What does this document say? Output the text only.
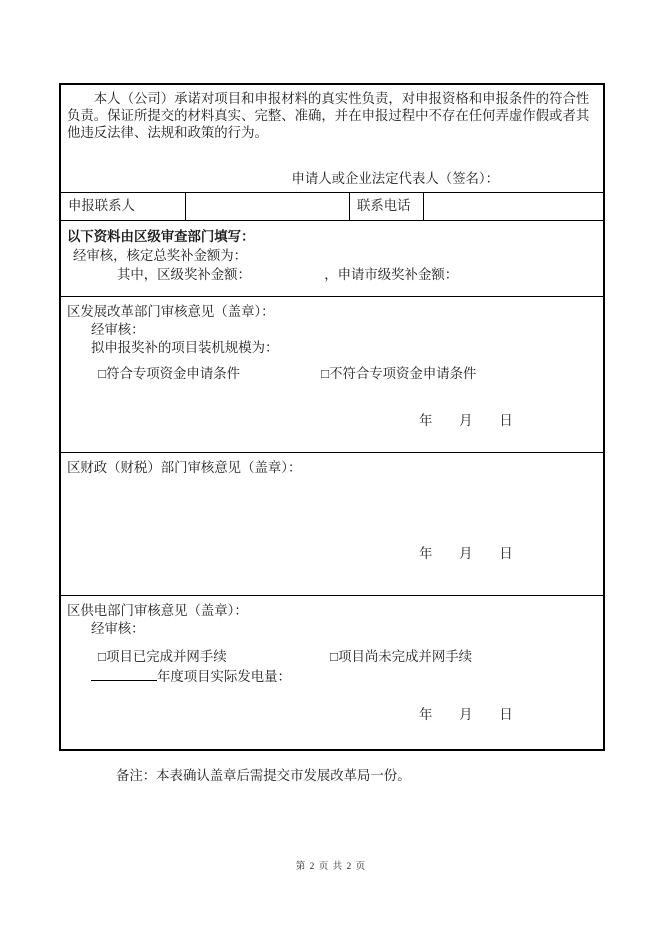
本人（公司）承诺对项目和申报材料的真实性负责，对申报资格和申报条件的符合性负责。保证所提交的材料真实、完整、准确，并在申报过程中不存在任何弄虚作假或者其他违反法律、法规和政策的行为。

申请人或企业法定代表人（签名）：
申报联系人	联系电话
以下资料由区级审查部门填写：
经审核，核定总奖补金额为：
其中，区级奖补金额：	，申请市级奖补金额：
区发展改革部门审核意见（盖章）：
经审核：
拟申报奖补的项目装机规模为：
□符合专项资金申请条件	□不符合专项资金申请条件
年　　月　　日
区财政（财税）部门审核意见（盖章）：
年　　月　　日
区供电部门审核意见（盖章）：
经审核：
□项目已完成并网手续	□项目尚未完成并网手续
年度项目实际发电量：
年　　月　　日
备注：本表确认盖章后需提交市发展改革局一份。
第 2 页 共 2 页
